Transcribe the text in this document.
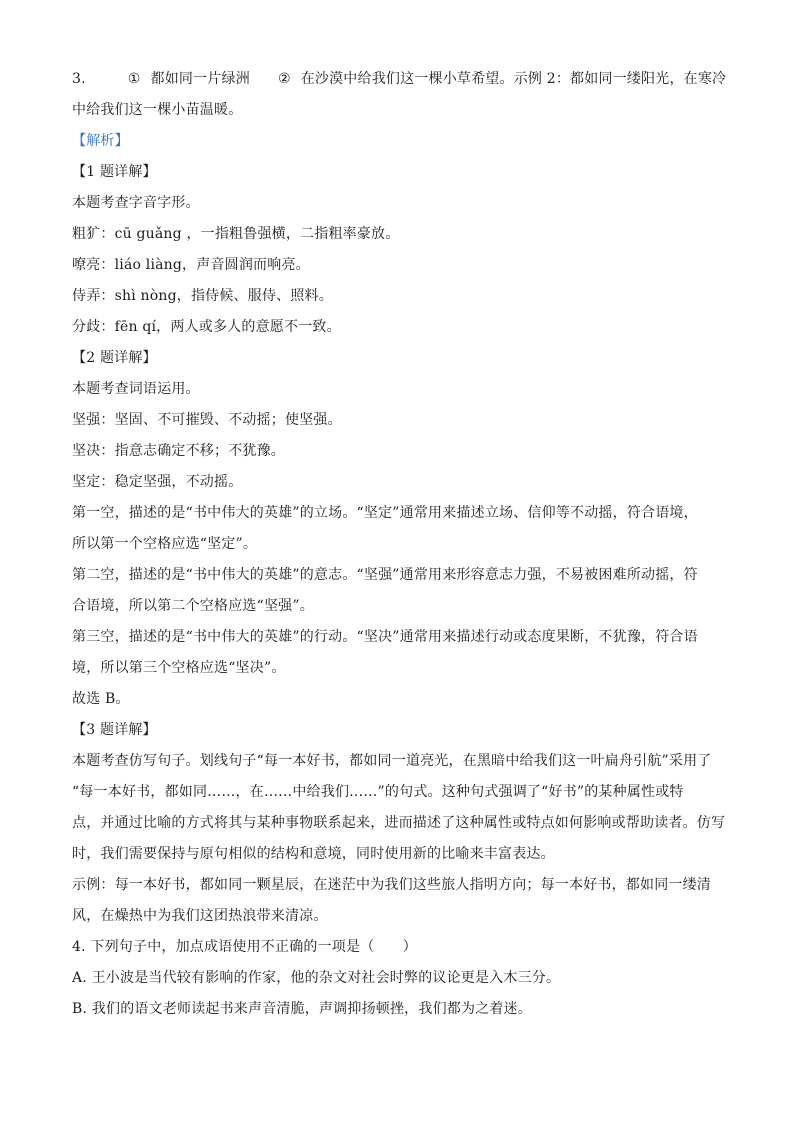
3.	① 都如同一片绿洲 ② 在沙漠中给我们这一棵小草希望。示例 2：都如同一缕阳光，在寒冷
中给我们这一棵小苗温暖。
【解析】
【1 题详解】
本题考查字音字形。
粗犷：cū guǎng ，一指粗鲁强横，二指粗率豪放。
嘹亮：liáo liàng，声音圆润而响亮。
侍弄：shì nòng，指侍候、服侍、照料。
分歧：fēn qí，两人或多人的意愿不一致。
【2 题详解】
本题考查词语运用。
坚强：坚固、不可摧毁、不动摇；使坚强。
坚决：指意志确定不移；不犹豫。
坚定：稳定坚强，不动摇。
第一空，描述的是“书中伟大的英雄”的立场。“坚定”通常用来描述立场、信仰等不动摇，符合语境，
所以第一个空格应选“坚定”。
第二空，描述的是“书中伟大的英雄”的意志。“坚强”通常用来形容意志力强，不易被困难所动摇，符
合语境，所以第二个空格应选“坚强”。
第三空，描述的是“书中伟大的英雄”的行动。“坚决”通常用来描述行动或态度果断，不犹豫，符合语
境，所以第三个空格应选“坚决”。
故选 B。
【3 题详解】
本题考查仿写句子。划线句子“每一本好书，都如同一道亮光，在黑暗中给我们这一叶扁舟引航”采用了
“每一本好书，都如同……，在……中给我们……”的句式。这种句式强调了“好书”的某种属性或特
点，并通过比喻的方式将其与某种事物联系起来，进而描述了这种属性或特点如何影响或帮助读者。仿写
时，我们需要保持与原句相似的结构和意境，同时使用新的比喻来丰富表达。
示例：每一本好书，都如同一颗星辰，在迷茫中为我们这些旅人指明方向；每一本好书，都如同一缕清
风，在燥热中为我们这团热浪带来清凉。
4. 下列句子中，加点成语使用不正确的一项是（　　）
A. 王小波是当代较有影响的作家，他的杂文对社会时弊的议论更是入木三分。
B. 我们的语文老师读起书来声音清脆，声调抑扬顿挫，我们都为之着迷。
